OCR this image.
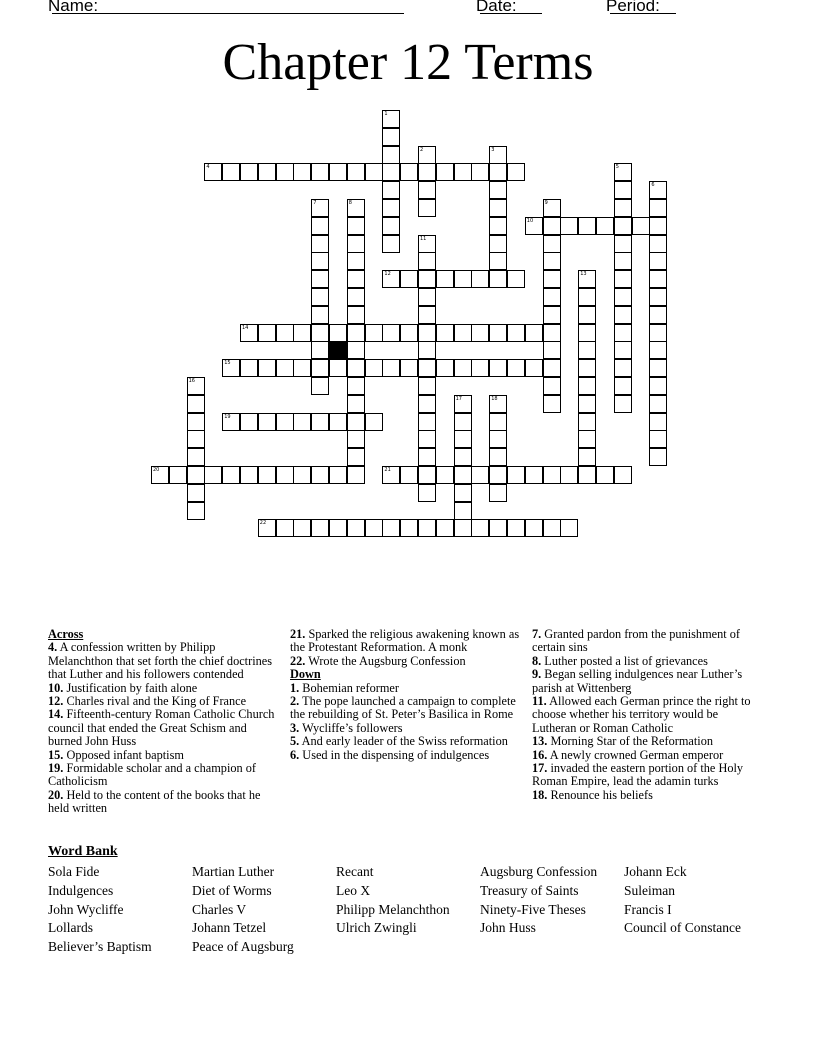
Name:	Date:	Period:
Chapter 12 Terms
1
2	3
4	5
6
7	8	9
10
11
12	13
14
15
16
17	18
19
20	21
22
Across
4. A confession written by Philipp Melanchthon that set forth the chief doctrines that Luther and his followers contended
10. Justification by faith alone
12. Charles rival and the King of France
14. Fifteenth-century Roman Catholic Church council that ended the Great Schism and burned John Huss
15. Opposed infant baptism
19. Formidable scholar and a champion of Catholicism
20. Held to the content of the books that he held written
21. Sparked the religious awakening known as the Protestant Reformation. A monk
22. Wrote the Augsburg Confession
Down
1. Bohemian reformer
2. The pope launched a campaign to complete the rebuilding of St. Peter’s Basilica in Rome
3. Wycliffe’s followers
5. And early leader of the Swiss reformation
6. Used in the dispensing of indulgences
7. Granted pardon from the punishment of certain sins
8. Luther posted a list of grievances
9. Began selling indulgences near Luther’s parish at Wittenberg
11. Allowed each German prince the right to choose whether his territory would be Lutheran or Roman Catholic
13. Morning Star of the Reformation
16. A newly crowned German emperor
17. invaded the eastern portion of the Holy Roman Empire, lead the adamin turks
18. Renounce his beliefs
Word Bank
Sola Fide
Indulgences
John Wycliffe
Lollards
Believer’s Baptism
Martian Luther
Diet of Worms
Charles V
Johann Tetzel
Peace of Augsburg
Recant
Leo X
Philipp Melanchthon
Ulrich Zwingli
Augsburg Confession
Treasury of Saints
Ninety-Five Theses
John Huss
Johann Eck
Suleiman
Francis I
Council of Constance
